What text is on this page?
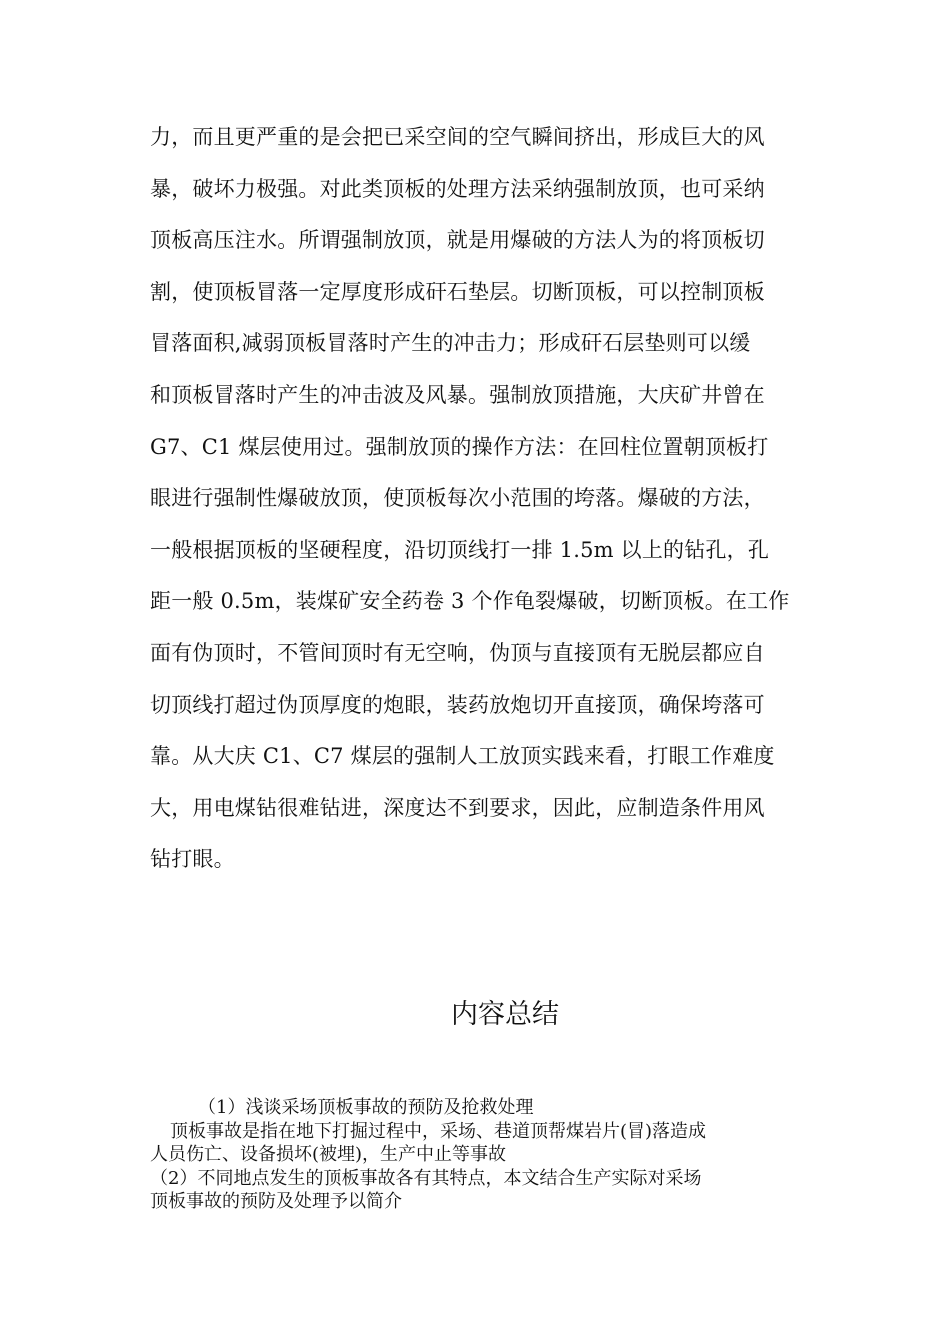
力，而且更严重的是会把已采空间的空气瞬间挤出，形成巨大的风
暴，破坏力极强。对此类顶板的处理方法采纳强制放顶，也可采纳
顶板高压注水。所谓强制放顶，就是用爆破的方法人为的将顶板切
割，使顶板冒落一定厚度形成矸石垫层。切断顶板，可以控制顶板
冒落面积,减弱顶板冒落时产生的冲击力；形成矸石层垫则可以缓
和顶板冒落时产生的冲击波及风暴。强制放顶措施，大庆矿井曾在
G7、C1 煤层使用过。强制放顶的操作方法：在回柱位置朝顶板打
眼进行强制性爆破放顶，使顶板每次小范围的垮落。爆破的方法，
一般根据顶板的坚硬程度，沿切顶线打一排 1.5m 以上的钻孔，孔
距一般 0.5m，装煤矿安全药卷 3 个作龟裂爆破，切断顶板。在工作
面有伪顶时，不管间顶时有无空响，伪顶与直接顶有无脱层都应自
切顶线打超过伪顶厚度的炮眼，装药放炮切开直接顶，确保垮落可
靠。从大庆 C1、C7 煤层的强制人工放顶实践来看，打眼工作难度
大，用电煤钻很难钻进，深度达不到要求，因此，应制造条件用风
钻打眼。
内容总结
（1）浅谈采场顶板事故的预防及抢救处理
顶板事故是指在地下打掘过程中，采场、巷道顶帮煤岩片(冒)落造成
人员伤亡、设备损坏(被埋)，生产中止等事故
（2）不同地点发生的顶板事故各有其特点，本文结合生产实际对采场
顶板事故的预防及处理予以简介
